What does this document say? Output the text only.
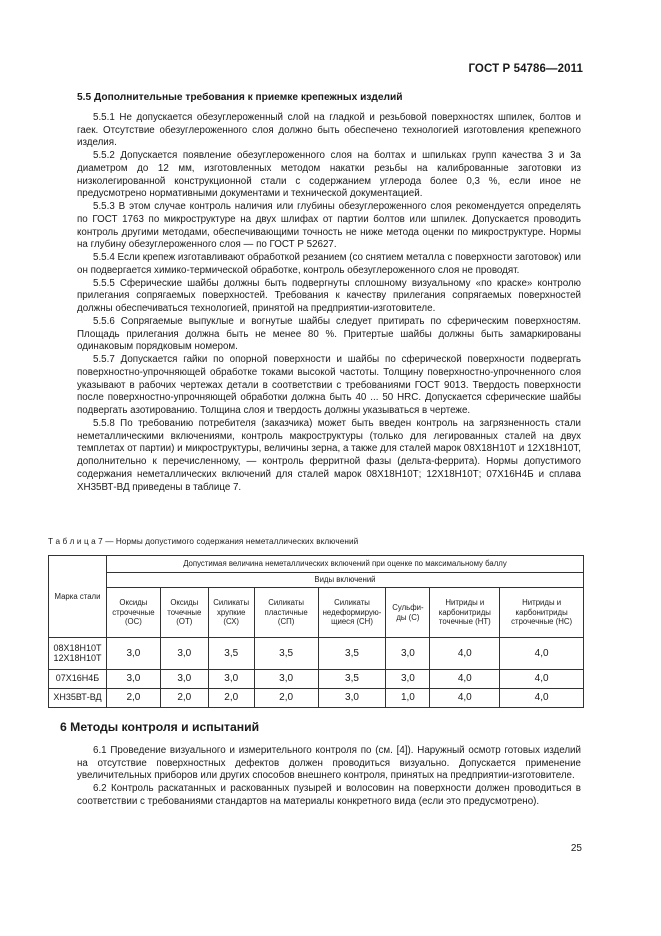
ГОСТ Р 54786—2011
5.5 Дополнительные требования к приемке крепежных изделий

5.5.1 Не допускается обезуглероженный слой на гладкой и резьбовой поверхностях шпилек, болтов и гаек. Отсутствие обезуглероженного слоя должно быть обеспечено технологией изготовления крепежного изделия.

5.5.2 Допускается появление обезуглероженного слоя на болтах и шпильках групп качества 3 и 3а диаметром до 12 мм, изготовленных методом накатки резьбы на калиброванные заготовки из низколегированной конструкционной стали с содержанием углерода более 0,3 %, если иное не предусмотрено нормативными документами и технической документацией.

5.5.3 В этом случае контроль наличия или глубины обезуглероженного слоя рекомендуется определять по ГОСТ 1763 по микроструктуре на двух шлифах от партии болтов или шпилек. Допускается проводить контроль другими методами, обеспечивающими точность не ниже метода оценки по микроструктуре. Нормы на глубину обезуглероженного слоя — по ГОСТ Р 52627.

5.5.4 Если крепеж изготавливают обработкой резанием (со снятием металла с поверхности заготовок) или он подвергается химико-термической обработке, контроль обезуглероженного слоя не проводят.

5.5.5 Сферические шайбы должны быть подвергнуты сплошному визуальному «по краске» контролю прилегания сопрягаемых поверхностей. Требования к качеству прилегания сопрягаемых поверхностей должны обеспечиваться технологией, принятой на предприятии-изготовителе.

5.5.6 Сопрягаемые выпуклые и вогнутые шайбы следует притирать по сферическим поверхностям. Площадь прилегания должна быть не менее 80 %. Притертые шайбы должны быть замаркированы одинаковым порядковым номером.

5.5.7 Допускается гайки по опорной поверхности и шайбы по сферической поверхности подвергать поверхностно-упрочняющей обработке токами высокой частоты. Толщину поверхностно-упрочненного слоя указывают в рабочих чертежах детали в соответствии с требованиями ГОСТ 9013. Твердость поверхности после поверхностно-упрочняющей обработки должна быть 40 ... 50 HRC. Допускается сферические шайбы подвергать азотированию. Толщина слоя и твердость должны указываться в чертеже.

5.5.8 По требованию потребителя (заказчика) может быть введен контроль на загрязненность стали неметаллическими включениями, контроль макроструктуры (только для легированных сталей на двух темплетах от партии) и микроструктуры, величины зерна, а также для сталей марок 08Х18Н10Т и 12Х18Н10Т, дополнительно к перечисленному, — контроль ферритной фазы (дельта-феррита). Нормы допустимого содержания неметаллических включений для сталей марок 08Х18Н10Т; 12Х18Н10Т; 07Х16Н4Б и сплава ХН35ВТ-ВД приведены в таблице 7.

Т а б л и ц а 7 — Нормы допустимого содержания неметаллических включений
Марка стали	Допустимая величина неметаллических включений при оценке по максимальному баллу							
	Виды включений							
	Оксиды строчечные (ОС)	Оксиды точечные (ОТ)	Силикаты хрупкие (СХ)	Силикаты пластичные (СП)	Силикаты недеформирую-щиеся (СН)	Сульфи-ды (С)	Нитриды и карбонитриды точечные (НТ)	Нитриды и карбонитриды строчечные (НС)
08Х18Н10Т 12Х18Н10Т	3,0	3,0	3,5	3,5	3,5	3,0	4,0	4,0
07Х16Н4Б	3,0	3,0	3,0	3,0	3,5	3,0	4,0	4,0
ХН35ВТ-ВД	2,0	2,0	2,0	2,0	3,0	1,0	4,0	4,0
6 Методы контроля и испытаний

6.1 Проведение визуального и измерительного контроля по (см. [4]). Наружный осмотр готовых изделий на отсутствие поверхностных дефектов должен проводиться визуально. Допускается применение увеличительных приборов или других способов внешнего контроля, принятых на предприятии-изготовителе.

6.2 Контроль раскатанных и раскованных пузырей и волосовин на поверхности должен проводиться в соответствии с требованиями стандартов на материалы конкретного вида (если это предусмотрено).

25
